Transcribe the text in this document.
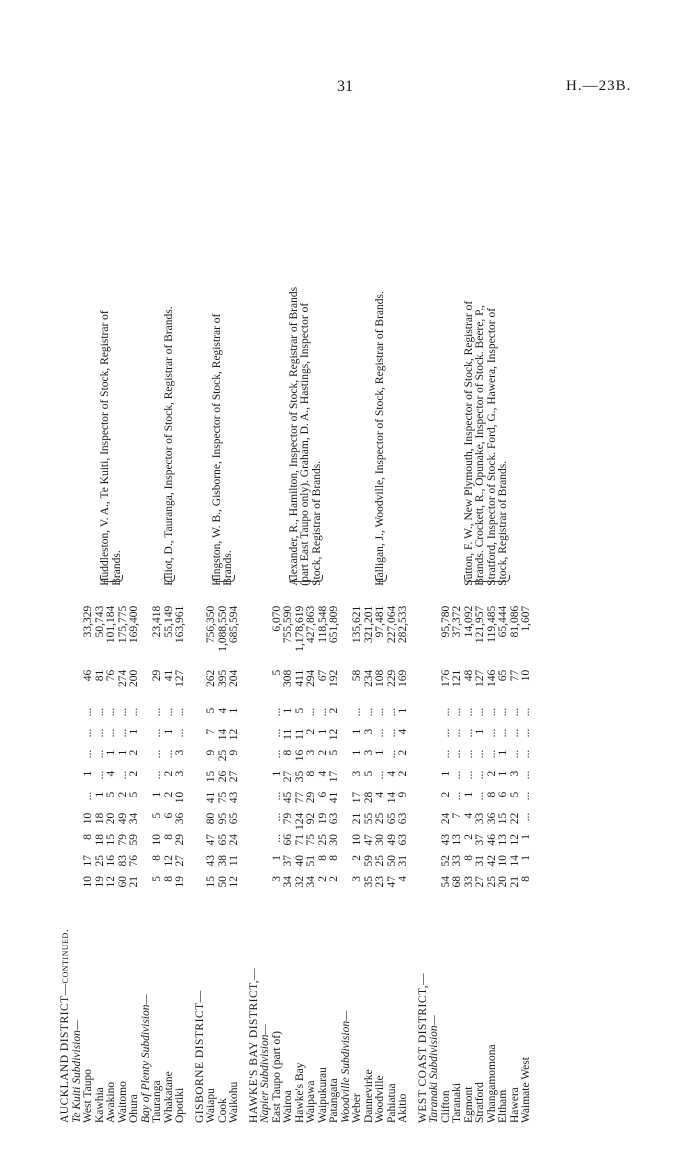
31	H.—23B.
AUCKLAND DISTRICT—continued.												
Te Kuiti Subdivision—												
West Taupo	10	17	8	10	...	1	...	...	...	46	33,329	Huddleston, V. A., Te Kuiti, Inspector of Stock, Registrar of Brands.

Kawhia	19	25	18	18	1	...	...	...	...	81	50,743	
Awakino	12	16	15	20	5	4	1	...	...	76	101,184	
Waitomo	60	83	79	49	2	...	1	...	...	274	175,775	
Ohura	21	76	59	34	5	2	2	1	...	200	169,400	
Bay of Plenty Subdivision—												
Tauranga	5	8	10	5	1	...	...	...	...	29	23,418	Elliot, D., Tauranga, Inspector of Stock, Registrar of Brands.

Whakatane	8	12	8	6	2	2	...	1	...	41	55,149	
Opotiki	19	27	29	36	10	3	3	...	...	127	163,961	

GISBORNE DISTRICT—												
Waiapu	15	43	47	80	41	15	9	7	5	262	756,350	Hingston, W. B., Gisborne, Inspector of Stock, Registrar of Brands.

Cook	50	38	65	95	75	26	25	14	4	395	1,088,550	
Waikohu	12	11	24	65	43	27	9	12	1	204	685,594	

HAWKE'S BAY DISTRICT,—												
Napier Subdivision—												
East Taupo (part of)	3	1	...	...	...	1	...	...	...	5	6,070	Alexander, R., Hamilton, Inspector of Stock, Registrar of Brands (part East Taupo only). Graham, D. A., Hastings, Inspector of Stock, Registrar of Brands.

Wairoa	34	37	66	79	45	27	8	11	1	308	755,590	
Hawke's Bay	32	40	71	124	77	35	16	11	5	411	1,178,619	
Waipawa	34	51	75	92	29	8	3	2	...	294	427,863	
Waipukurau	2	8	25	19	6	4	2	1	...	67	118,548	
Patangata	2	8	30	63	41	17	5	12	2	192	651,809	
Woodville Subdivision—												
Weber	3	2	10	21	17	3	1	1	...	58	135,621	Halligan, J., Woodville, Inspector of Stock, Registrar of Brands.

Dannevirke	35	59	47	55	28	5	3	3	...	234	321,201	
Woodville	23	25	30	25	4	...	1	...	...	108	97,481	
Pahiatua	47	50	49	65	14	4	...	...	...	229	227,064	
Akitio	4	31	63	63	9	2	2	4	1	169	282,533	

WEST COAST DISTRICT,—												
Taranaki Subdivision—												
Clifton	54	52	43	24	2	1	...	...	...	176	95,780	Sutton, F. W., New Plymouth, Inspector of Stock, Registrar of Brands. Crockett, R., Opunake, Inspector of Stock. Beere, P., Stratford, Inspector of Stock. Ford, G., Hawera, Inspector of Stock, Registrar of Brands.

Taranaki	68	33	13	7	...	...	...	...	...	121	37,372	
Egmont	33	8	2	4	1	...	...	...	...	48	14,092	
Stratford	27	31	37	33	...	...	...	1	...	127	121,957	
Whangamomona	25	42	46	36	8	2	...	...	...	146	119,485	
Eltham	20	10	13	15	6	1	1	...	...	65	65,444	
Hawera	21	14	12	22	5	3	...	...	...	77	81,086	
Waimate West	8	1	1	...	...	...	...	...	...	10	1,607	
